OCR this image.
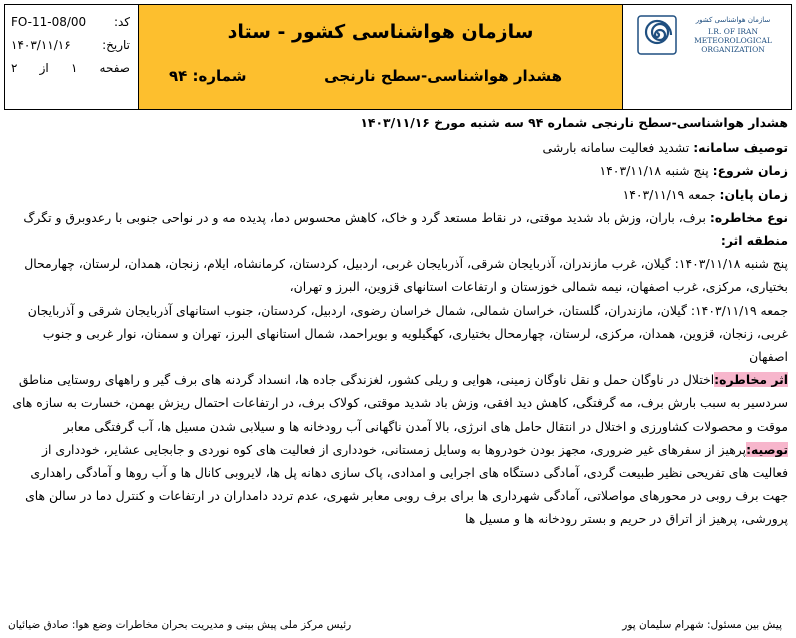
کد:
FO-11-08/00
تاریخ:
۱۴۰۳/۱۱/۱۶
صفحه
۱
از
۲
سازمان هواشناسی کشور - ستاد
هشدار هواشناسی-سطح نارنجی
شماره: ۹۴
سازمان هواشناسی کشور
I.R. OF IRAN
METEOROLOGICAL
ORGANIZATION

هشدار هواشناسی-سطح نارنجی شماره ۹۴ سه شنبه مورخ ۱۴۰۳/۱۱/۱۶

توصیف سامانه: تشدید فعالیت سامانه بارشی

زمان شروع: پنج شنبه ۱۴۰۳/۱۱/۱۸

زمان پایان: جمعه ۱۴۰۳/۱۱/۱۹

نوع مخاطره: برف، باران، وزش باد شدید موقتی، در نقاط مستعد گرد و خاک، کاهش محسوس دما، پدیده مه و در نواحی جنوبی با رعدوبرق و تگرگ

منطقه اثر:

پنج شنبه ۱۴۰۳/۱۱/۱۸: گیلان، غرب مازندران، آذربایجان شرقی، آذربایجان غربی، اردبیل، کردستان، کرمانشاه، ایلام، زنجان، همدان، لرستان، چهارمحال بختیاری، مرکزی، غرب اصفهان، نیمه شمالی خوزستان و ارتفاعات استانهای قزوین، البرز و تهران،

جمعه ۱۴۰۳/۱۱/۱۹: گیلان، مازندران، گلستان، خراسان شمالی، شمال خراسان رضوی، اردبیل، کردستان، جنوب استانهای آذربایجان شرقی و آذربایجان غربی، زنجان، قزوین، همدان، مرکزی، لرستان، چهارمحال بختیاری، کهگیلویه و بویراحمد، شمال استانهای البرز، تهران و سمنان، نوار غربی و جنوب اصفهان

اثر مخاطره:اختلال در ناوگان حمل و نقل ناوگان زمینی، هوایی و ریلی کشور، لغزندگی جاده ها، انسداد گردنه های برف گیر و راههای روستایی مناطق سردسیر به سبب بارش برف، مه گرفتگی، کاهش دید افقی، وزش باد شدید موقتی، کولاک برف، در ارتفاعات احتمال ریزش بهمن، خسارت به سازه های موقت و محصولات کشاورزی و اختلال در انتقال حامل های انرژی، بالا آمدن ناگهانی آب رودخانه ها و سیلابی شدن مسیل ها، آب گرفتگی معابر

توصیه:پرهیز از سفرهای غیر ضروری، مجهز بودن خودروها به وسایل زمستانی، خودداری از فعالیت های کوه نوردی و جابجایی عشایر، خودداری از فعالیت های تفریحی نظیر طبیعت گردی، آمادگی دستگاه های اجرایی و امدادی، پاک سازی دهانه پل ها، لایروبی کانال ها و آب روها و آمادگی راهداری جهت برف روبی در محورهای مواصلاتی، آمادگی شهرداری ها برای برف روبی معابر شهری، عدم تردد دامداران در ارتفاعات و کنترل دما در سالن های پرورشی، پرهیز از اتراق در حریم و بستر رودخانه ها و مسیل ها

پیش بین مسئول: شهرام سلیمان پور
رئیس مرکز ملی پیش بینی و مدیریت بحران مخاطرات وضع هوا: صادق ضیائیان
